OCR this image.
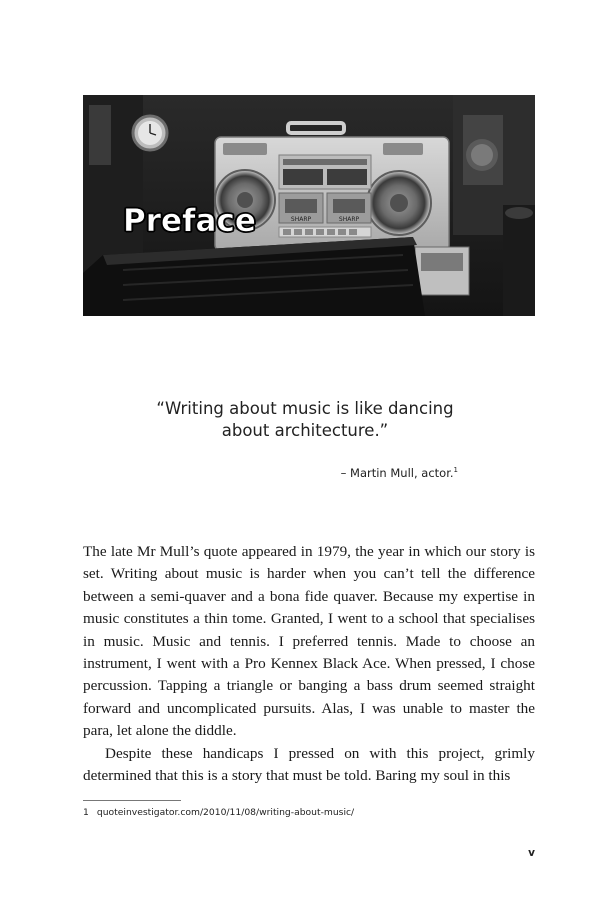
SHARP	SHARP
Preface
“Writing about music is like dancing
about architecture.”
– Martin Mull, actor.$^1$

The late Mr Mull’s quote appeared in 1979, the year in which our story is set. Writing about music is harder when you can’t tell the difference between a semi-quaver and a bona fide quaver. Because my expertise in music constitutes a thin tome. Granted, I went to a school that specialises in music. Music and tennis. I preferred tennis. Made to choose an instrument, I went with a Pro Kennex Black Ace. When pressed, I chose percussion. Tapping a triangle or banging a bass drum seemed straight forward and uncomplicated pursuits. Alas, I was unable to master the para, let alone the diddle.

Despite these handicaps I pressed on with this project, grimly determined that this is a story that must be told. Baring my soul in this

1 quoteinvestigator.com/2010/11/08/writing-about-music/
v
